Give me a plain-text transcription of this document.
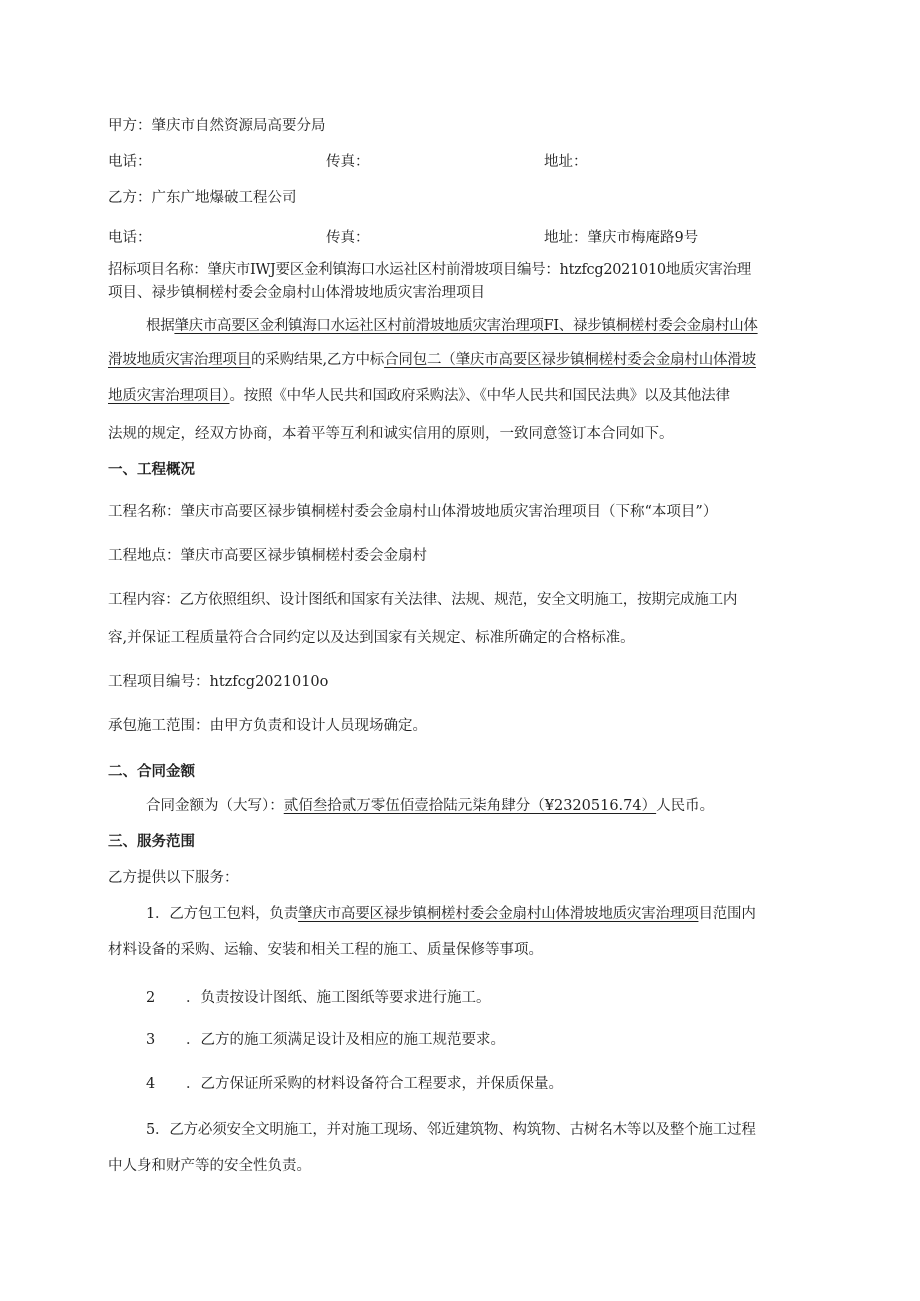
甲方：肇庆市自然资源局高要分局
电话：	传真：	地址：
乙方：广东广地爆破工程公司
电话：	传真：	地址：肇庆市梅庵路9号
招标项目名称：肇庆市IWJ要区金利镇海口水运社区村前滑坡项目编号：htzfcg2021010地质灾害治理
项目、禄步镇桐槎村委会金扇村山体滑坡地质灾害治理项目
根据肇庆市高要区金利镇海口水运社区村前滑坡地质灾害治理项FI、禄步镇桐槎村委会金扇村山体
滑坡地质灾害治理项目的采购结果,乙方中标合同包二（肇庆市高要区禄步镇桐槎村委会金扇村山体滑坡
地质灾害治理项目）。按照《中华人民共和国政府采购法》、《中华人民共和国民法典》以及其他法律
法规的规定，经双方协商，本着平等互利和诚实信用的原则，一致同意签订本合同如下。
一、工程概况
工程名称：肇庆市高要区禄步镇桐槎村委会金扇村山体滑坡地质灾害治理项目（下称“本项目”）
工程地点：肇庆市高要区禄步镇桐槎村委会金扇村
工程内容：乙方依照组织、设计图纸和国家有关法律、法规、规范，安全文明施工，按期完成施工内
容,并保证工程质量符合合同约定以及达到国家有关规定、标准所确定的合格标准。
工程项目编号：htzfcg2021010o
承包施工范围：由甲方负责和设计人员现场确定。
二、合同金额
合同金额为（大写）：贰佰叁拾贰万零伍佰壹拾陆元柒角肆分（¥2320516.74）人民币。
三、服务范围
乙方提供以下服务：
1．乙方包工包料，负责肇庆市高要区禄步镇桐槎村委会金扇村山体滑坡地质灾害治理项目范围内
材料设备的采购、运输、安装和相关工程的施工、质量保修等事项。
2 ．负责按设计图纸、施工图纸等要求进行施工。
3 ．乙方的施工须满足设计及相应的施工规范要求。
4 ．乙方保证所采购的材料设备符合工程要求，并保质保量。
5．乙方必须安全文明施工，并对施工现场、邻近建筑物、构筑物、古树名木等以及整个施工过程
中人身和财产等的安全性负责。
